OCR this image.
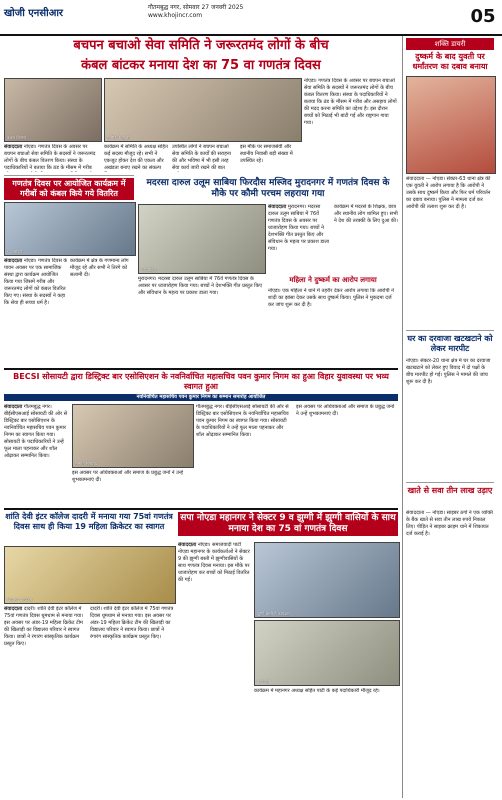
खोजी एनसीआर
गौतमबुद्ध नगर, सोमवार 27 जनवरी 2025
www.khojincr.com	05
बचपन बचाओ सेवा समिति ने जरूरतमंद लोगों के बीच
कंबल बांटकर मनाया देश का 75 वा गणतंत्र दिवस
कंबल वितरण	समिति के सदस्य
संवाददाता नोएडा। गणतंत्र दिवस के अवसर पर बचपन बचाओ सेवा समिति के सदस्यों ने जरूरतमंद लोगों के बीच कंबल वितरण किया। संस्था के पदाधिकारियों ने बताया कि ठंड के मौसम में गरीब
कार्यक्रम में समिति के अध्यक्ष सहित कई सदस्य मौजूद रहे। सभी ने एकजुट होकर देश की एकता और अखंडता बनाए रखने का संकल्प
उपस्थित लोगों ने बचपन बचाओ सेवा समिति के कार्यों की सराहना की और भविष्य में भी इसी तरह सेवा कार्य जारी रखने की बात
इस मौके पर समाजसेवी और स्थानीय निवासी बड़ी संख्या में उपस्थित रहे।
नोएडा। गणतंत्र दिवस के अवसर पर बचपन बचाओ सेवा समिति के सदस्यों ने जरूरतमंद लोगों के बीच कंबल वितरण किया। संस्था के पदाधिकारियों ने बताया कि ठंड के मौसम में गरीब और असहाय लोगों की मदद करना समिति का उद्देश्य है। इस दौरान बच्चों को मिठाई भी बांटी गई और राष्ट्रगान गाया गया।
गणतंत्र दिवस पर आयोजित कार्यक्रम में गरीबों को कंबल किये गये वितरित
ध्वजारोहण
संवाददाता नोएडा। गणतंत्र दिवस के पावन अवसर पर एक सामाजिक संस्था द्वारा कार्यक्रम आयोजित किया गया जिसमें गरीब और जरूरतमंद लोगों को कंबल वितरित किए गए। संस्था के सदस्यों ने कहा कि सेवा ही सच्चा धर्म है।
कार्यक्रम में क्षेत्र के गणमान्य लोग मौजूद रहे और सभी ने तिरंगे को सलामी दी।
मदरसा दारुल उलूम साबिया फिरदौस मस्जिद मुरादनगर में गणतंत्र दिवस के मौके पर कौमी परचम लहराया गया
ध्वजारोहण
संवाददाता मुरादनगर। मदरसा दारुल उलूम साबिया में 76वें गणतंत्र दिवस के अवसर पर ध्वजारोहण किया गया। बच्चों ने देशभक्ति गीत प्रस्तुत किए और संविधान के महत्व पर प्रकाश डाला गया।
कार्यक्रम में मदरसे के शिक्षक, छात्र और स्थानीय लोग शामिल हुए। सभी ने देश की तरक्की के लिए दुआ की।
मुरादनगर। मदरसा दारुल उलूम साबिया में 76वें गणतंत्र दिवस के अवसर पर ध्वजारोहण किया गया। बच्चों ने देशभक्ति गीत प्रस्तुत किए और संविधान के महत्व पर प्रकाश डाला गया।
महिला ने दुष्कर्म का आरोप लगाया
नोएडा। एक महिला ने थाने में तहरीर देकर आरोप लगाया कि आरोपी ने शादी का झांसा देकर उसके साथ दुष्कर्म किया। पुलिस ने मुकदमा दर्ज कर जांच शुरू कर दी है।
BECSI सोसायटी द्वारा डिस्ट्रिक्ट बार एसोसिएशन के नवनिर्वाचित महासचिव पवन कुमार निगम का हुआ विहार युवावस्था पर भव्य स्वागत हुआ
नवनिर्वाचित महासचिव पवन कुमार निगम का सम्मान समारोह आयोजित
संवाददाता गौतमबुद्ध नगर। बीईसीएसआई सोसायटी की ओर से डिस्ट्रिक्ट बार एसोसिएशन के नवनिर्वाचित महासचिव पवन कुमार निगम का स्वागत किया गया। सोसायटी के पदाधिकारियों ने उन्हें फूल माला पहनाकर और शॉल ओढ़ाकर सम्मानित किया।
सम्मान समारोह
इस अवसर पर अधिवक्ताओं और समाज के प्रबुद्ध जनों ने उन्हें शुभकामनाएं दीं।
गौतमबुद्ध नगर। बीईसीएसआई सोसायटी की ओर से डिस्ट्रिक्ट बार एसोसिएशन के नवनिर्वाचित महासचिव पवन कुमार निगम का स्वागत किया गया। सोसायटी के पदाधिकारियों ने उन्हें फूल माला पहनाकर और शॉल ओढ़ाकर सम्मानित किया।
इस अवसर पर अधिवक्ताओं और समाज के प्रबुद्ध जनों ने उन्हें शुभकामनाएं दीं।
शांति देवी इंटर कॉलेज दादरी में मनाया गया 75वां गणतंत्र दिवस साथ ही किया 19 महिला क्रिकेटर का स्वागत
विद्यालय कार्यक्रम
संवाददाता दादरी। शांति देवी इंटर कॉलेज में 75वां गणतंत्र दिवस धूमधाम से मनाया गया। इस अवसर पर अंडर-19 महिला क्रिकेट टीम की खिलाड़ी का विद्यालय परिवार ने स्वागत किया। छात्रों ने रंगारंग सांस्कृतिक कार्यक्रम प्रस्तुत किए।
दादरी। शांति देवी इंटर कॉलेज में 75वां गणतंत्र दिवस धूमधाम से मनाया गया। इस अवसर पर अंडर-19 महिला क्रिकेट टीम की खिलाड़ी का विद्यालय परिवार ने स्वागत किया। छात्रों ने रंगारंग सांस्कृतिक कार्यक्रम प्रस्तुत किए।
सपा नोएडा महानगर ने सेक्टर 9 व झुग्गी में झुग्गी वासियों के साथ मनाया देश का 75 वां गणतंत्र दिवस
संवाददाता नोएडा। समाजवादी पार्टी नोएडा महानगर के कार्यकर्ताओं ने सेक्टर 9 की झुग्गी बस्ती में झुग्गीवासियों के साथ गणतंत्र दिवस मनाया। इस मौके पर ध्वजारोहण कर बच्चों को मिठाई वितरित की गई।
झुग्गी बस्ती में कार्यक्रम
कार्यकर्ता
कार्यक्रम में महानगर अध्यक्ष सहित पार्टी के कई पदाधिकारी मौजूद रहे।
शक्ति डायरी
दुष्कर्म के बाद युवती पर धर्मांतरण का दबाव बनाया
संवाददाता — नोएडा। सेक्टर-63 थाना क्षेत्र की एक युवती ने आरोप लगाया है कि आरोपी ने उसके साथ दुष्कर्म किया और फिर धर्म परिवर्तन का दबाव बनाया। पुलिस ने मामला दर्ज कर आरोपी की तलाश शुरू कर दी है।
घर का दरवाजा खटखटाने को लेकर मारपीट
नोएडा। सेक्टर-20 थाना क्षेत्र में घर का दरवाजा खटखटाने को लेकर हुए विवाद में दो पक्षों के बीच मारपीट हो गई। पुलिस ने मामले की जांच शुरू कर दी है।
खाते से सवा तीन लाख उड़ाए
संवाददाता — नोएडा। साइबर ठगों ने एक व्यक्ति के बैंक खाते से सवा तीन लाख रुपये निकाल लिए। पीड़ित ने साइबर क्राइम थाने में शिकायत दर्ज कराई है।
